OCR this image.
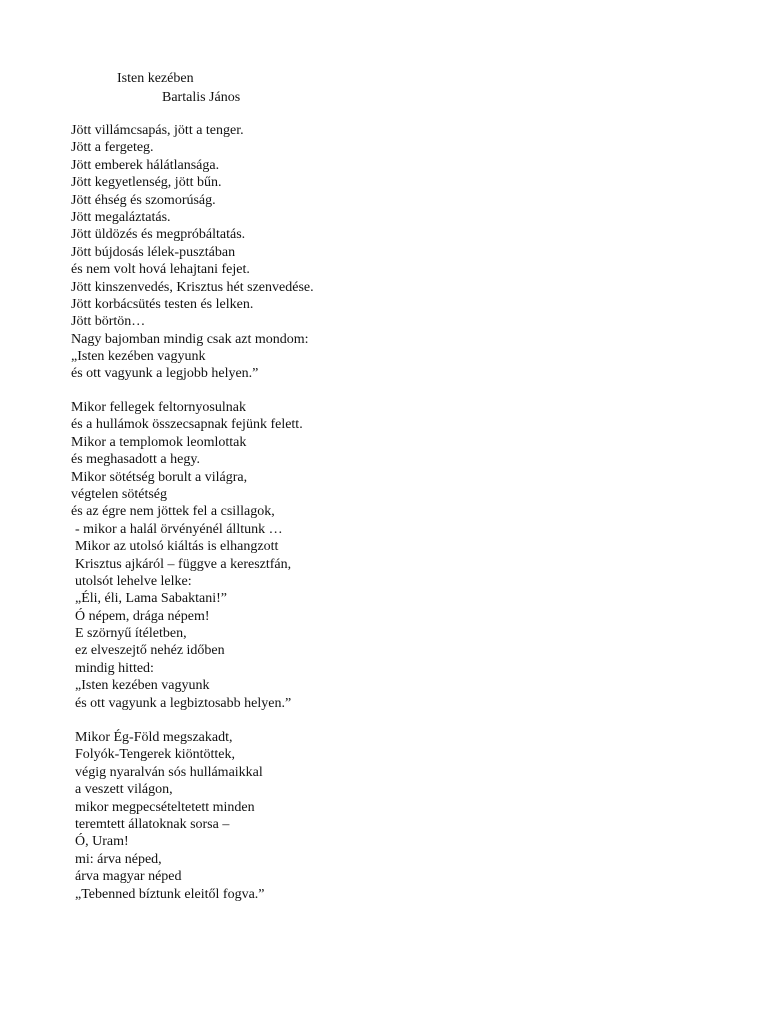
Isten kezében
Bartalis János
Jött villámcsapás, jött a tenger.
Jött a fergeteg.
Jött emberek hálátlansága.
Jött kegyetlenség, jött bűn.
Jött éhség és szomorúság.
Jött megaláztatás.
Jött üldözés és megpróbáltatás.
Jött bújdosás lélek-pusztában
és nem volt hová lehajtani fejet.
Jött kinszenvedés, Krisztus hét szenvedése.
Jött korbácsütés testen és lelken.
Jött börtön…
Nagy bajomban mindig csak azt mondom:
„Isten kezében vagyunk
és ott vagyunk a legjobb helyen.”
Mikor fellegek feltornyosulnak
és a hullámok összecsapnak fejünk felett.
Mikor a templomok leomlottak
és meghasadott a hegy.
Mikor sötétség borult a világra,
végtelen sötétség
és az égre nem jöttek fel a csillagok,
- mikor a halál örvényénél álltunk …
Mikor az utolsó kiáltás is elhangzott
Krisztus ajkáról – függve a keresztfán,
utolsót lehelve lelke:
„Éli, éli, Lama Sabaktani!”
Ó népem, drága népem!
E szörnyű ítéletben,
ez elveszejtő nehéz időben
mindig hitted:
„Isten kezében vagyunk
és ott vagyunk a legbiztosabb helyen.”
Mikor Ég-Föld megszakadt,
Folyók-Tengerek kiöntöttek,
végig nyaralván sós hullámaikkal
a veszett világon,
mikor megpecsételtetett minden
teremtett állatoknak sorsa –
Ó, Uram!
mi: árva néped,
árva magyar néped
„Tebenned bíztunk eleitől fogva.”
